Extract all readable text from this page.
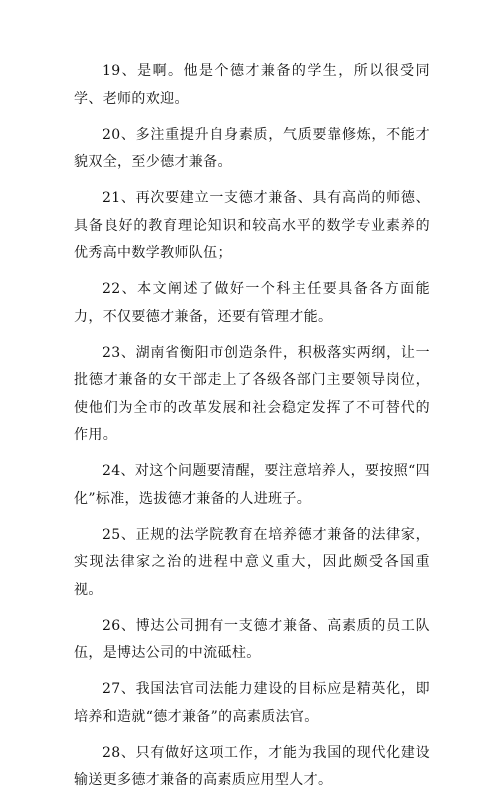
19、是啊。他是个德才兼备的学生，所以很受同学、老师的欢迎。

20、多注重提升自身素质，气质要靠修炼，不能才貌双全，至少德才兼备。

21、再次要建立一支德才兼备、具有高尚的师德、具备良好的教育理论知识和较高水平的数学专业素养的优秀高中数学教师队伍；

22、本文阐述了做好一个科主任要具备各方面能力，不仅要德才兼备，还要有管理才能。

23、湖南省衡阳市创造条件，积极落实两纲，让一批德才兼备的女干部走上了各级各部门主要领导岗位，使他们为全市的改革发展和社会稳定发挥了不可替代的作用。

24、对这个问题要清醒，要注意培养人，要按照“四化”标准，选拔德才兼备的人进班子。

25、正规的法学院教育在培养德才兼备的法律家，实现法律家之治的进程中意义重大，因此颇受各国重视。

26、博达公司拥有一支德才兼备、高素质的员工队伍，是博达公司的中流砥柱。

27、我国法官司法能力建设的目标应是精英化，即培养和造就“德才兼备”的高素质法官。

28、只有做好这项工作，才能为我国的现代化建设输送更多德才兼备的高素质应用型人才。
